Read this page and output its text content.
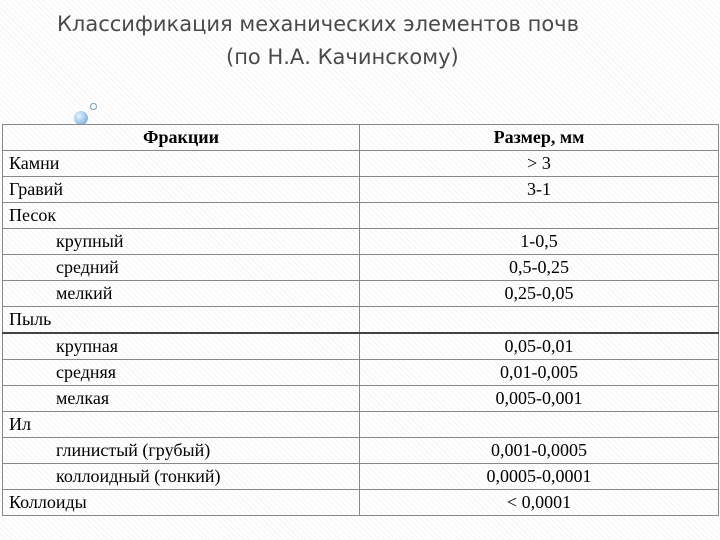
Классификация механических элементов почв
(по Н.А. Качинскому)
Фракции	Размер, мм
Камни	> 3
Гравий	3-1
Песок	
крупный	1-0,5
средний	0,5-0,25
мелкий	0,25-0,05
Пыль	
крупная	0,05-0,01
средняя	0,01-0,005
мелкая	0,005-0,001
Ил	
глинистый (грубый)	0,001-0,0005
коллоидный (тонкий)	0,0005-0,0001
Коллоиды	< 0,0001
